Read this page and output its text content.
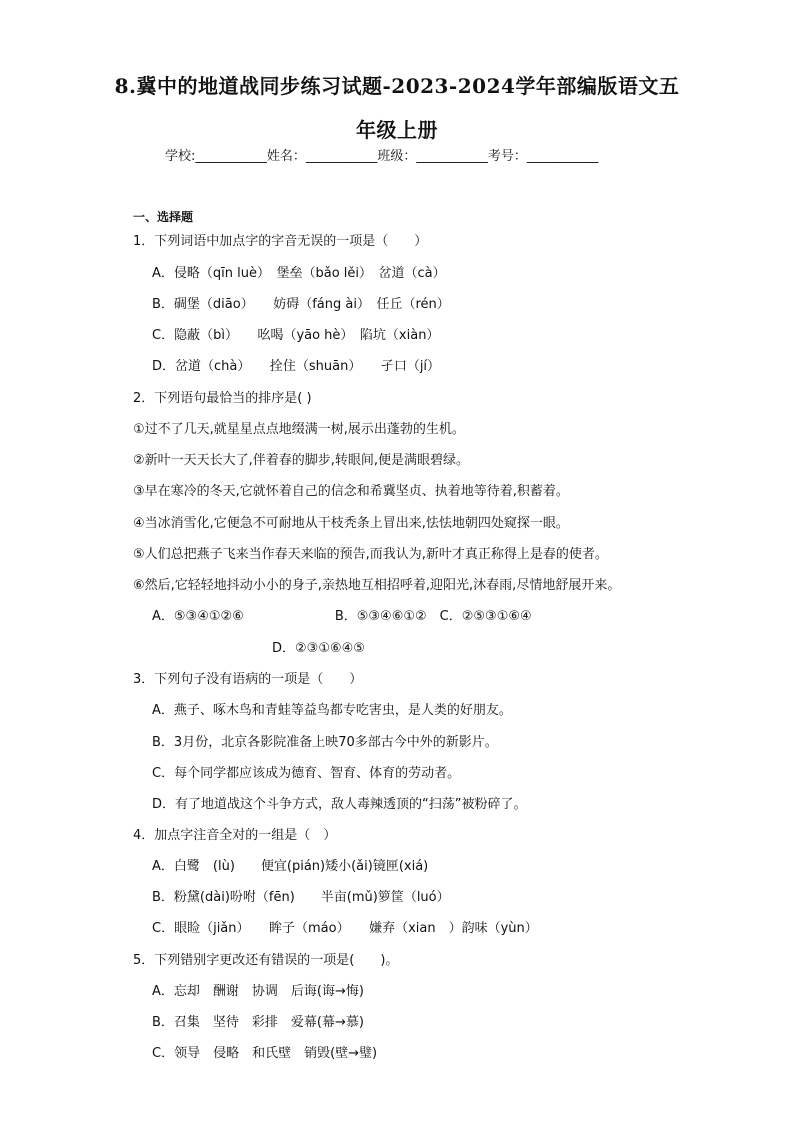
8.冀中的地道战同步练习试题-2023-2024学年部编版语文五
年级上册
学校:___________姓名：___________班级：___________考号：___________
一、选择题
1．下列词语中加点字的字音无误的一项是（　　）
A．侵略（qīn luè）　堡垒（bǎo lěi）　岔道（cà）
B．碉堡（diāo）　　妨碍（fáng ài）　任丘（rén）
C．隐蔽（bì）　　吆喝（yāo hè）　陷坑（xiàn）
D．岔道（chà）　　拴住（shuān）　　孑口（jí）
2．下列语句最恰当的排序是( )
①过不了几天,就星星点点地缀满一树,展示出蓬勃的生机。
②新叶一天天长大了,伴着春的脚步,转眼间,便是满眼碧绿。
③早在寒冷的冬天,它就怀着自己的信念和希冀坚贞、执着地等待着,积蓄着。
④当冰消雪化,它便急不可耐地从干枝秃条上冒出来,怯怯地朝四处窥探一眼。
⑤人们总把燕子飞来当作春天来临的预告,而我认为,新叶才真正称得上是春的使者。
⑥然后,它轻轻地抖动小小的身子,亲热地互相招呼着,迎阳光,沐春雨,尽情地舒展开来。
A．⑤③④①②⑥　　　　　　　B．⑤③④⑥①②　C．②⑤③①⑥④
D．②③①⑥④⑤
3．下列句子没有语病的一项是（　　）
A．燕子、啄木鸟和青蛙等益鸟都专吃害虫，是人类的好朋友。
B．3月份，北京各影院准备上映70多部古今中外的新影片。
C．每个同学都应该成为德育、智育、体育的劳动者。
D．有了地道战这个斗争方式，敌人毒辣透顶的“扫荡”被粉碎了。
4．加点字注音全对的一组是（　）
A．白鹭　(lù)　　便宜(pián)矮小(ǎi)镜匣(xiá)
B．粉黛(dài)吩咐（fēn)　　半亩(mǔ)箩筐（luó）
C．眼睑（jiǎn）　　眸子（máo）　　嫌弃（xian　）韵味（yùn）
5．下列错别字更改还有错误的一项是(　　)。
A．忘却　酬谢　协调　后诲(诲→悔)
B．召集　坚待　彩排　爱幕(幕→慕)
C．领导　侵略　和氏壁　销毁(壁→璧)
